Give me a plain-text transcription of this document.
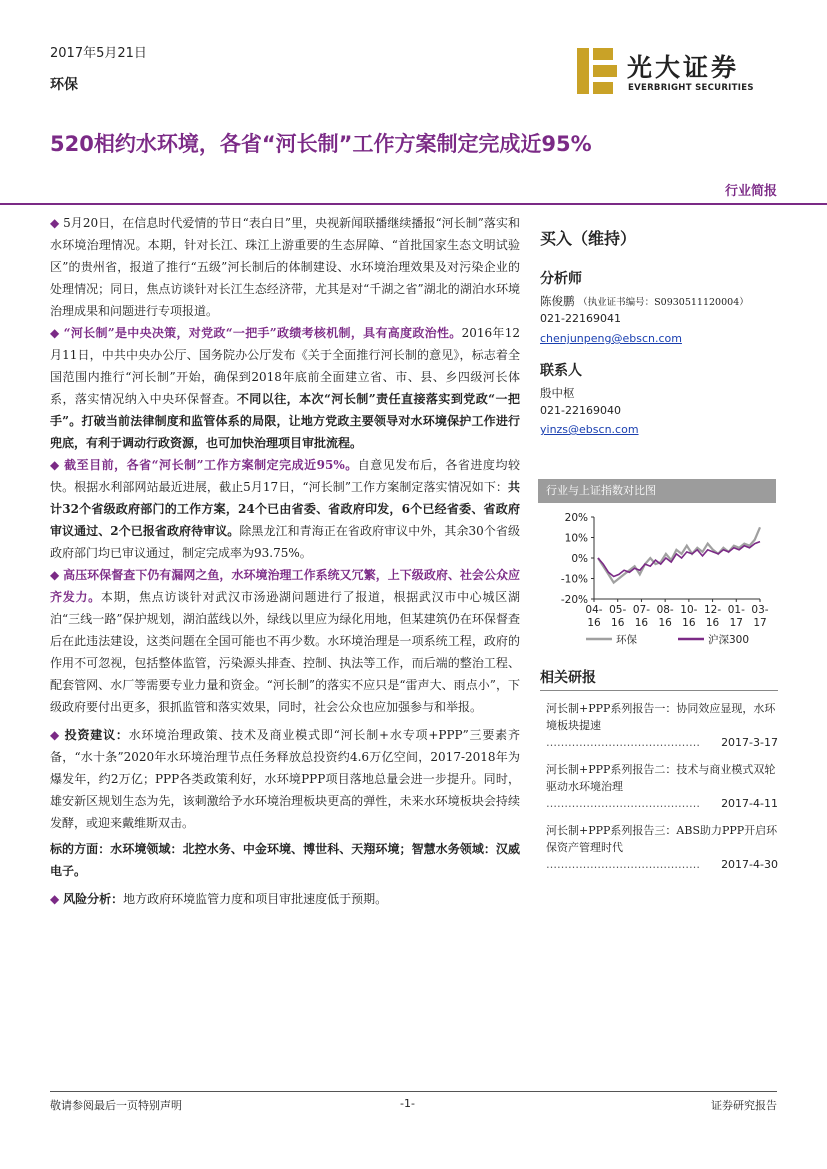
2017年5月21日
环保
光大证券
EVERBRIGHT SECURITIES
520相约水环境，各省“河长制”工作方案制定完成近95%
行业简报

◆ 5月20日，在信息时代爱情的节日“表白日”里，央视新闻联播继续播报“河长制”落实和水环境治理情况。本期，针对长江、珠江上游重要的生态屏障、“首批国家生态文明试验区”的贵州省，报道了推行“五级”河长制后的体制建设、水环境治理效果及对污染企业的处理情况；同日，焦点访谈针对长江生态经济带，尤其是对“千湖之省”湖北的湖泊水环境治理成果和问题进行专项报道。

◆ “河长制”是中央决策，对党政“一把手”政绩考核机制，具有高度政治性。2016年12月11日，中共中央办公厅、国务院办公厅发布《关于全面推行河长制的意见》，标志着全国范围内推行“河长制”开始，确保到2018年底前全面建立省、市、县、乡四级河长体系，落实情况纳入中央环保督查。不同以往，本次“河长制”责任直接落实到党政“一把手”。打破当前法律制度和监管体系的局限，让地方党政主要领导对水环境保护工作进行兜底，有利于调动行政资源，也可加快治理项目审批流程。

◆ 截至目前，各省“河长制”工作方案制定完成近95%。自意见发布后，各省进度均较快。根据水利部网站最近进展，截止5月17日，“河长制”工作方案制定落实情况如下：共计32个省级政府部门的工作方案，24个已由省委、省政府印发，6个已经省委、省政府审议通过、2个已报省政府待审议。除黑龙江和青海正在省政府审议中外，其余30个省级政府部门均已审议通过，制定完成率为93.75%。

◆ 高压环保督查下仍有漏网之鱼，水环境治理工作系统又冗繁，上下级政府、社会公众应齐发力。本期，焦点访谈针对武汉市汤逊湖问题进行了报道，根据武汉市中心城区湖泊“三线一路”保护规划，湖泊蓝线以外，绿线以里应为绿化用地，但某建筑仍在环保督查后在此违法建设，这类问题在全国可能也不再少数。水环境治理是一项系统工程，政府的作用不可忽视，包括整体监管，污染源头排查、控制、执法等工作，而后端的整治工程、配套管网、水厂等需要专业力量和资金。“河长制”的落实不应只是“雷声大、雨点小”，下级政府要付出更多，狠抓监管和落实效果，同时，社会公众也应加强参与和举报。

◆ 投资建议：水环境治理政策、技术及商业模式即“河长制+水专项+PPP”三要素齐备，“水十条”2020年水环境治理节点任务释放总投资约4.6万亿空间，2017-2018年为爆发年，约2万亿；PPP各类政策利好，水环境PPP项目落地总量会进一步提升。同时，雄安新区规划生态为先，该刺激给予水环境治理板块更高的弹性，未来水环境板块会持续发酵，或迎来戴维斯双击。

标的方面：水环境领域：北控水务、中金环境、博世科、天翔环境；智慧水务领域：汉威电子。

◆ 风险分析：地方政府环境监管力度和项目审批速度低于预期。

买入（维持）
分析师
陈俊鹏 （执业证书编号：S0930511120004）
021-22169041
chenjunpeng@ebscn.com
联系人
殷中枢
021-22169040
yinzs@ebscn.com
行业与上证指数对比图
20%
10%
0%
-10%
-20%
04-
16
05-
16
07-
16
08-
16
10-
16
12-
16
01-
17
03-
17
环保	沪深300
相关研报
河长制+PPP系列报告一：协同效应显现，水环境板块提速
…………………………………… 2017-3-17
河长制+PPP系列报告二：技术与商业模式双轮驱动水环境治理
…………………………………… 2017-4-11
河长制+PPP系列报告三：ABS助力PPP开启环保资产管理时代
…………………………………… 2017-4-30
敬请参阅最后一页特别声明	-1-	证券研究报告
